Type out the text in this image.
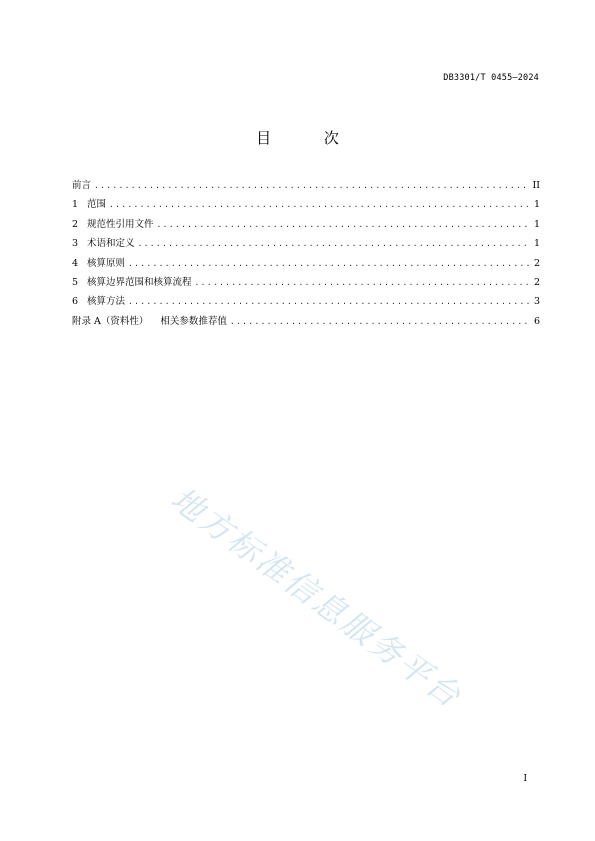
DB3301/T 0455—2024
目 次
前言 .....	II
1 范围 .....	1
2 规范性引用文件 .....	1
3 术语和定义 .....	1
4 核算原则 .....	2
5 核算边界范围和核算流程 .....	2
6 核算方法 .....	3
附录 A（资料性） 相关参数推荐值 .....	6
地方标准信息服务平台
I
